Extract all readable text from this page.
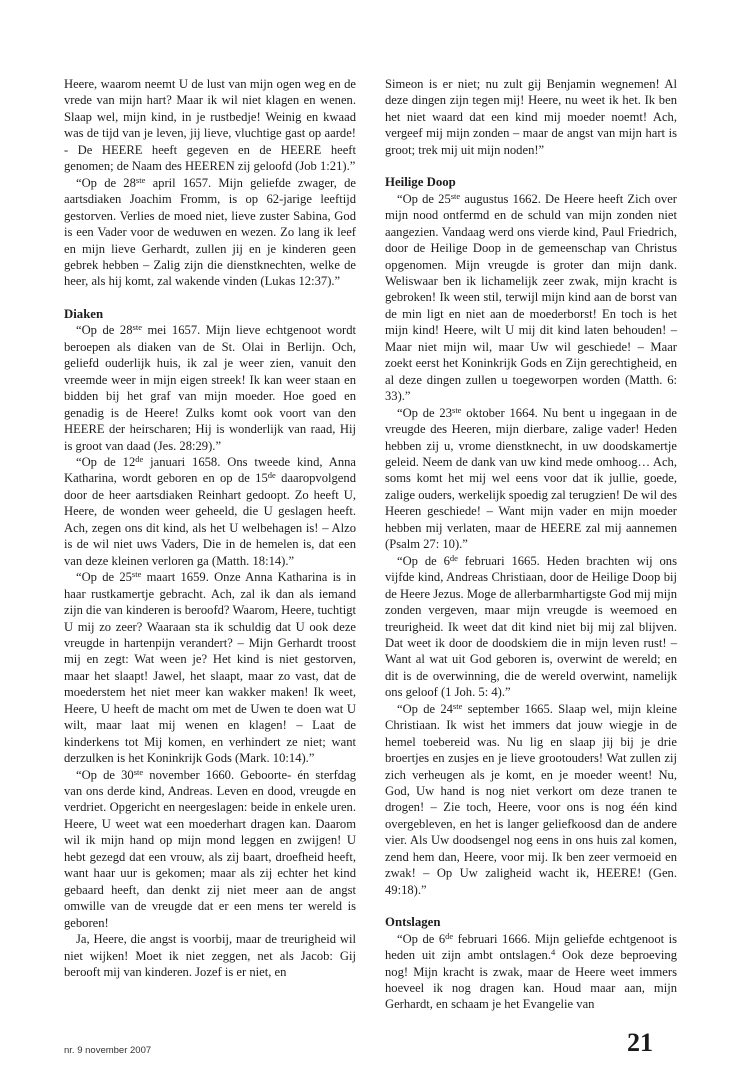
Heere, waarom neemt U de lust van mijn ogen weg en de vrede van mijn hart? Maar ik wil niet klagen en wenen. Slaap wel, mijn kind, in je rustbedje! Weinig en kwaad was de tijd van je leven, jij lieve, vluchtige gast op aarde! - De HEERE heeft gegeven en de HEERE heeft genomen; de Naam des HEEREN zij geloofd (Job 1:21).”

“Op de 28ste april 1657. Mijn geliefde zwager, de aartsdiaken Joachim Fromm, is op 62-jarige leeftijd gestorven. Verlies de moed niet, lieve zuster Sabina, God is een Vader voor de weduwen en wezen. Zo lang ik leef en mijn lieve Gerhardt, zullen jij en je kinderen geen gebrek hebben – Zalig zijn die dienstknechten, welke de heer, als hij komt, zal wakende vinden (Lukas 12:37).”

Diaken

“Op de 28ste mei 1657. Mijn lieve echtgenoot wordt beroepen als diaken van de St. Olai in Berlijn. Och, geliefd ouderlijk huis, ik zal je weer zien, vanuit den vreemde weer in mijn eigen streek! Ik kan weer staan en bidden bij het graf van mijn moeder. Hoe goed en genadig is de Heere! Zulks komt ook voort van den HEERE der heirscharen; Hij is wonderlijk van raad, Hij is groot van daad (Jes. 28:29).”

“Op de 12de januari 1658. Ons tweede kind, Anna Katharina, wordt geboren en op de 15de daaropvolgend door de heer aartsdiaken Reinhart gedoopt. Zo heeft U, Heere, de wonden weer geheeld, die U geslagen heeft. Ach, zegen ons dit kind, als het U welbehagen is! – Alzo is de wil niet uws Vaders, Die in de hemelen is, dat een van deze kleinen verloren ga (Matth. 18:14).”

“Op de 25ste maart 1659. Onze Anna Katharina is in haar rustkamertje gebracht. Ach, zal ik dan als iemand zijn die van kinderen is beroofd? Waarom, Heere, tuchtigt U mij zo zeer? Waaraan sta ik schuldig dat U ook deze vreugde in hartenpijn verandert? – Mijn Gerhardt troost mij en zegt: Wat ween je? Het kind is niet gestorven, maar het slaapt! Jawel, het slaapt, maar zo vast, dat de moederstem het niet meer kan wakker maken! Ik weet, Heere, U heeft de macht om met de Uwen te doen wat U wilt, maar laat mij wenen en klagen! – Laat de kinderkens tot Mij komen, en verhindert ze niet; want derzulken is het Koninkrijk Gods (Mark. 10:14).”

“Op de 30ste november 1660. Geboorte- én sterfdag van ons derde kind, Andreas. Leven en dood, vreugde en verdriet. Opgericht en neergeslagen: beide in enkele uren. Heere, U weet wat een moederhart dragen kan. Daarom wil ik mijn hand op mijn mond leggen en zwijgen! U hebt gezegd dat een vrouw, als zij baart, droefheid heeft, want haar uur is gekomen; maar als zij echter het kind gebaard heeft, dan denkt zij niet meer aan de angst omwille van de vreugde dat er een mens ter wereld is geboren!

Ja, Heere, die angst is voorbij, maar de treurigheid wil niet wijken! Moet ik niet zeggen, net als Jacob: Gij berooft mij van kinderen. Jozef is er niet, en

Simeon is er niet; nu zult gij Benjamin wegnemen! Al deze dingen zijn tegen mij! Heere, nu weet ik het. Ik ben het niet waard dat een kind mij moeder noemt! Ach, vergeef mij mijn zonden – maar de angst van mijn hart is groot; trek mij uit mijn noden!”

Heilige Doop

“Op de 25ste augustus 1662. De Heere heeft Zich over mijn nood ontfermd en de schuld van mijn zonden niet aangezien. Vandaag werd ons vierde kind, Paul Friedrich, door de Heilige Doop in de gemeenschap van Christus opgenomen. Mijn vreugde is groter dan mijn dank. Weliswaar ben ik lichamelijk zeer zwak, mijn kracht is gebroken! Ik ween stil, terwijl mijn kind aan de borst van de min ligt en niet aan de moederborst! En toch is het mijn kind! Heere, wilt U mij dit kind laten behouden! – Maar niet mijn wil, maar Uw wil geschiede! – Maar zoekt eerst het Koninkrijk Gods en Zijn gerechtigheid, en al deze dingen zullen u toegeworpen worden (Matth. 6: 33).”

“Op de 23ste oktober 1664. Nu bent u ingegaan in de vreugde des Heeren, mijn dierbare, zalige vader! Heden hebben zij u, vrome dienstknecht, in uw doodskamertje geleid. Neem de dank van uw kind mede omhoog… Ach, soms komt het mij wel eens voor dat ik jullie, goede, zalige ouders, werkelijk spoedig zal terugzien! De wil des Heeren geschiede! – Want mijn vader en mijn moeder hebben mij verlaten, maar de HEERE zal mij aannemen (Psalm 27: 10).”

“Op de 6de februari 1665. Heden brachten wij ons vijfde kind, Andreas Christiaan, door de Heilige Doop bij de Heere Jezus. Moge de allerbarmhartigste God mij mijn zonden vergeven, maar mijn vreugde is weemoed en treurigheid. Ik weet dat dit kind niet bij mij zal blijven. Dat weet ik door de doodskiem die in mijn leven rust! – Want al wat uit God geboren is, overwint de wereld; en dit is de overwinning, die de wereld overwint, namelijk ons geloof (1 Joh. 5: 4).”

“Op de 24ste september 1665. Slaap wel, mijn kleine Christiaan. Ik wist het immers dat jouw wiegje in de hemel toebereid was. Nu lig en slaap jij bij je drie broertjes en zusjes en je lieve grootouders! Wat zullen zij zich verheugen als je komt, en je moeder weent! Nu, God, Uw hand is nog niet verkort om deze tranen te drogen! – Zie toch, Heere, voor ons is nog één kind overgebleven, en het is langer geliefkoosd dan de andere vier. Als Uw doodsengel nog eens in ons huis zal komen, zend hem dan, Heere, voor mij. Ik ben zeer vermoeid en zwak! – Op Uw zaligheid wacht ik, HEERE! (Gen. 49:18).”

Ontslagen

“Op de 6de februari 1666. Mijn geliefde echtgenoot is heden uit zijn ambt ontslagen.$^4$ Ook deze beproeving nog! Mijn kracht is zwak, maar de Heere weet immers hoeveel ik nog dragen kan. Houd maar aan, mijn Gerhardt, en schaam je het Evangelie van

nr. 9 november 2007	21
